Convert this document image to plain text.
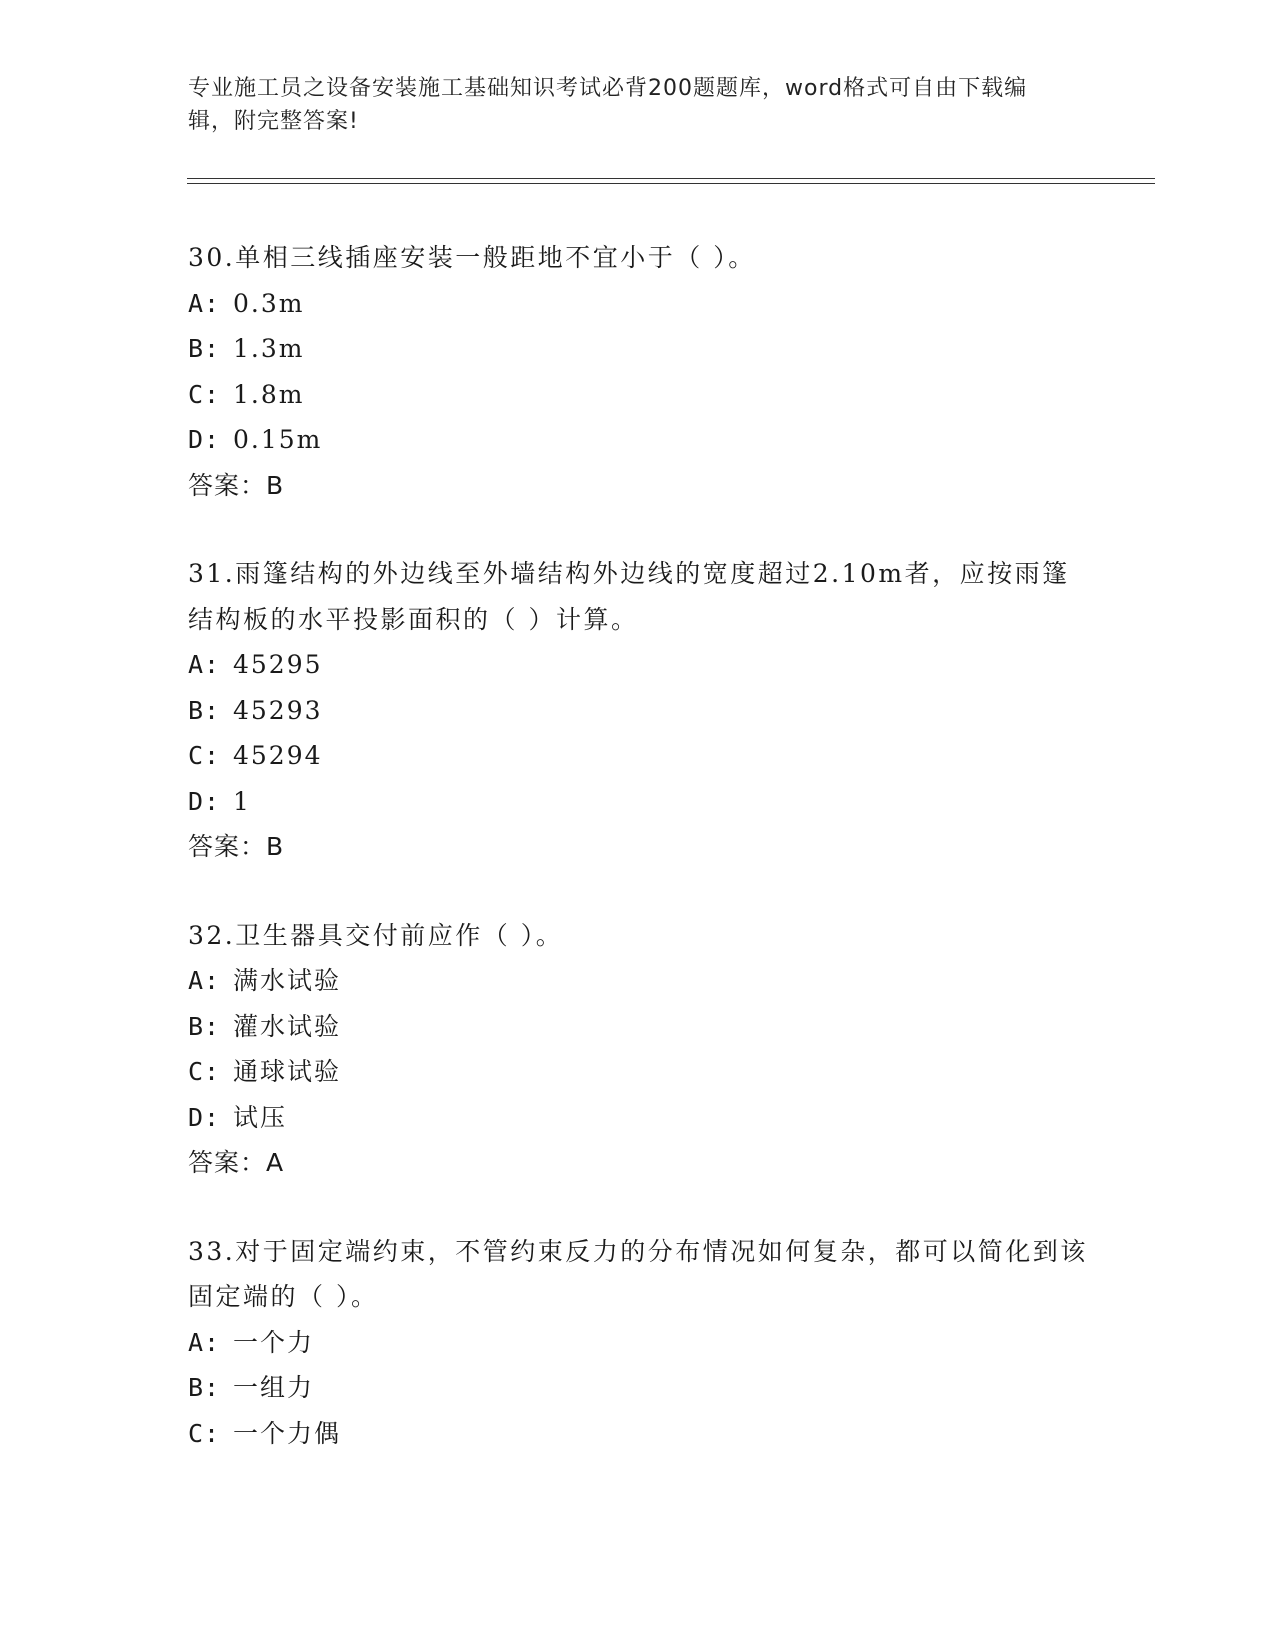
专业施工员之设备安装施工基础知识考试必背200题题库，word格式可自由下载编辑，附完整答案!

30.单相三线插座安装一般距地不宜小于（ ）。

A: 0.3m

B: 1.3m

C: 1.8m

D: 0.15m

答案：B

31.雨篷结构的外边线至外墙结构外边线的宽度超过2.10m者，应按雨篷结构板的水平投影面积的（ ）计算。

A: 45295

B: 45293

C: 45294

D: 1

答案：B

32.卫生器具交付前应作（ ）。

A: 满水试验

B: 灌水试验

C: 通球试验

D: 试压

答案：A

33.对于固定端约束，不管约束反力的分布情况如何复杂，都可以简化到该固定端的（ ）。

A: 一个力

B: 一组力

C: 一个力偶
